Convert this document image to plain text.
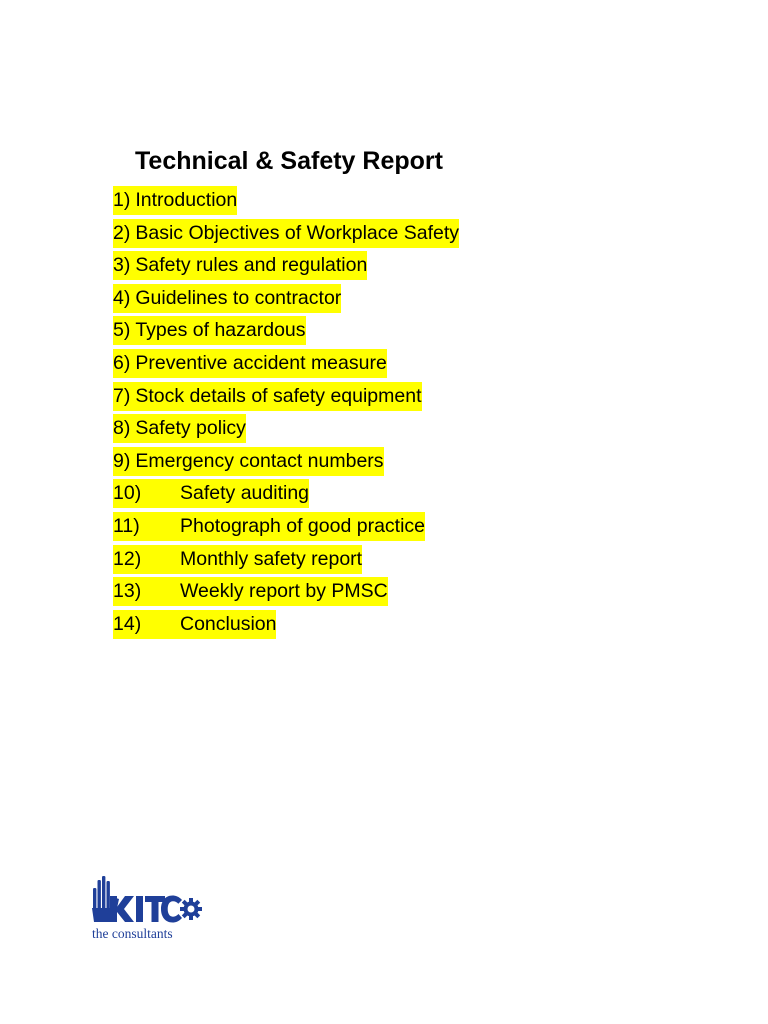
Technical & Safety Report
1) Introduction
2) Basic Objectives of Workplace Safety
3) Safety rules and regulation
4) Guidelines to contractor
5) Types of hazardous
6) Preventive accident measure
7) Stock details of safety equipment
8) Safety policy
9) Emergency contact numbers
10) Safety auditing
11) Photograph of good practice
12) Monthly safety report
13) Weekly report by PMSC
14) Conclusion
the consultants
